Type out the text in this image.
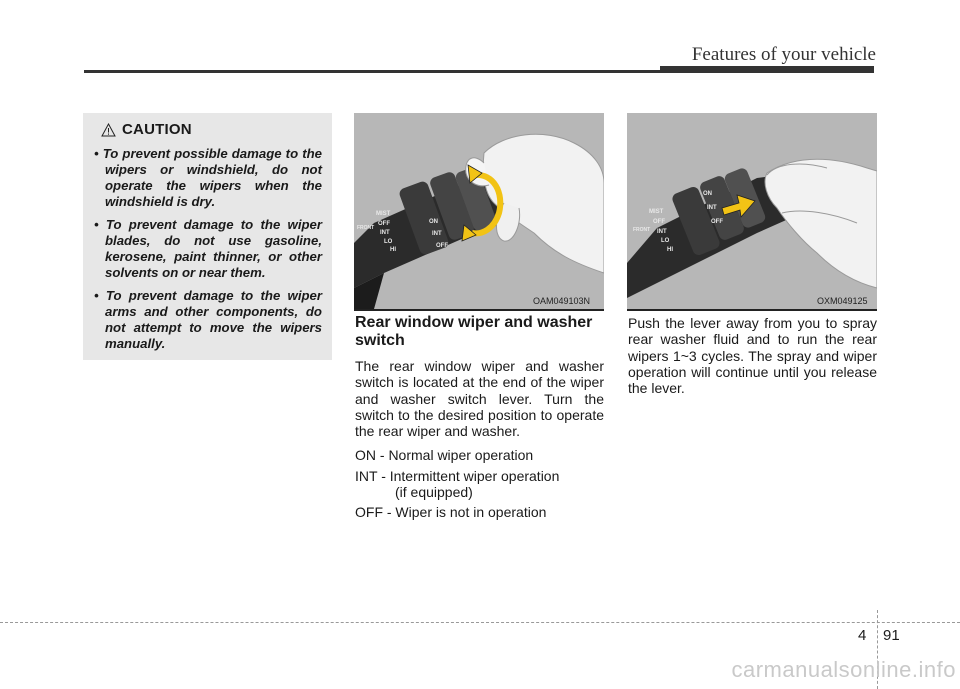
Features of your vehicle
CAUTION
• To prevent possible damage to the wipers or windshield, do not operate the wipers when the windshield is dry.
• To prevent damage to the wiper blades, do not use gasoline, kerosene, paint thinner, or other solvents on or near them.
• To prevent damage to the wiper arms and other components, do not attempt to move the wipers manually.
MIST
OFF
INT
LO
HI
ON
INT
OFF
FRONT
OAM049103N
MIST
OFF
INT
LO
HI
ON
INT
OFF
FRONT
OXM049125
Rear window wiper and washer switch

The rear window wiper and washer switch is located at the end of the wiper and washer switch lever. Turn the switch to the desired position to operate the rear wiper and washer.

ON - Normal wiper operation

INT - Intermittent wiper operation

(if equipped)

OFF - Wiper is not in operation

Push the lever away from you to spray rear washer fluid and to run the rear wipers 1~3 cycles. The spray and wiper operation will continue until you release the lever.

4 91
carmanualsonline.info
